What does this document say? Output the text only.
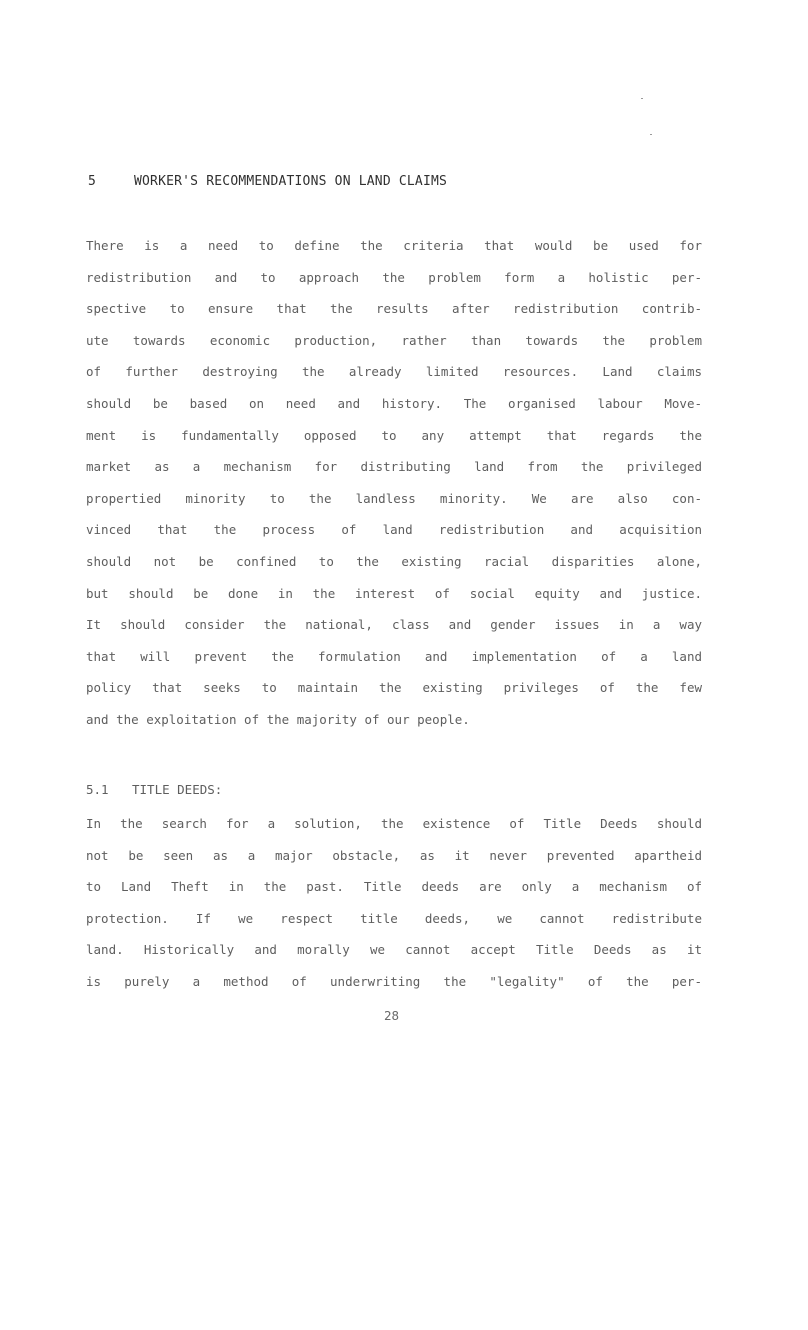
5	WORKER'S RECOMMENDATIONS ON LAND CLAIMS
There is a need to define the criteria that would be used for
redistribution and to approach the problem form a holistic per-
spective to ensure that the results after redistribution contrib-
ute towards economic production, rather than towards the problem
of further destroying the already limited resources. Land claims
should be based on need and history. The organised labour Move-
ment is fundamentally opposed to any attempt that regards the
market as a mechanism for distributing land from the privileged
propertied minority to the landless minority. We are also con-
vinced that the process of land redistribution and acquisition
should not be confined to the existing racial disparities alone,
but should be done in the interest of social equity and justice.
It should consider the national, class and gender issues in a way
that will prevent the formulation and implementation of a land
policy that seeks to maintain the existing privileges of the few
and the exploitation of the majority of our people.
5.1 TITLE DEEDS:
In the search for a solution, the existence of Title Deeds should
not be seen as a major obstacle, as it never prevented apartheid
to Land Theft in the past. Title deeds are only a mechanism of
protection. If we respect title deeds, we cannot redistribute
land. Historically and morally we cannot accept Title Deeds as it
is purely a method of underwriting the "legality" of the per-
28
